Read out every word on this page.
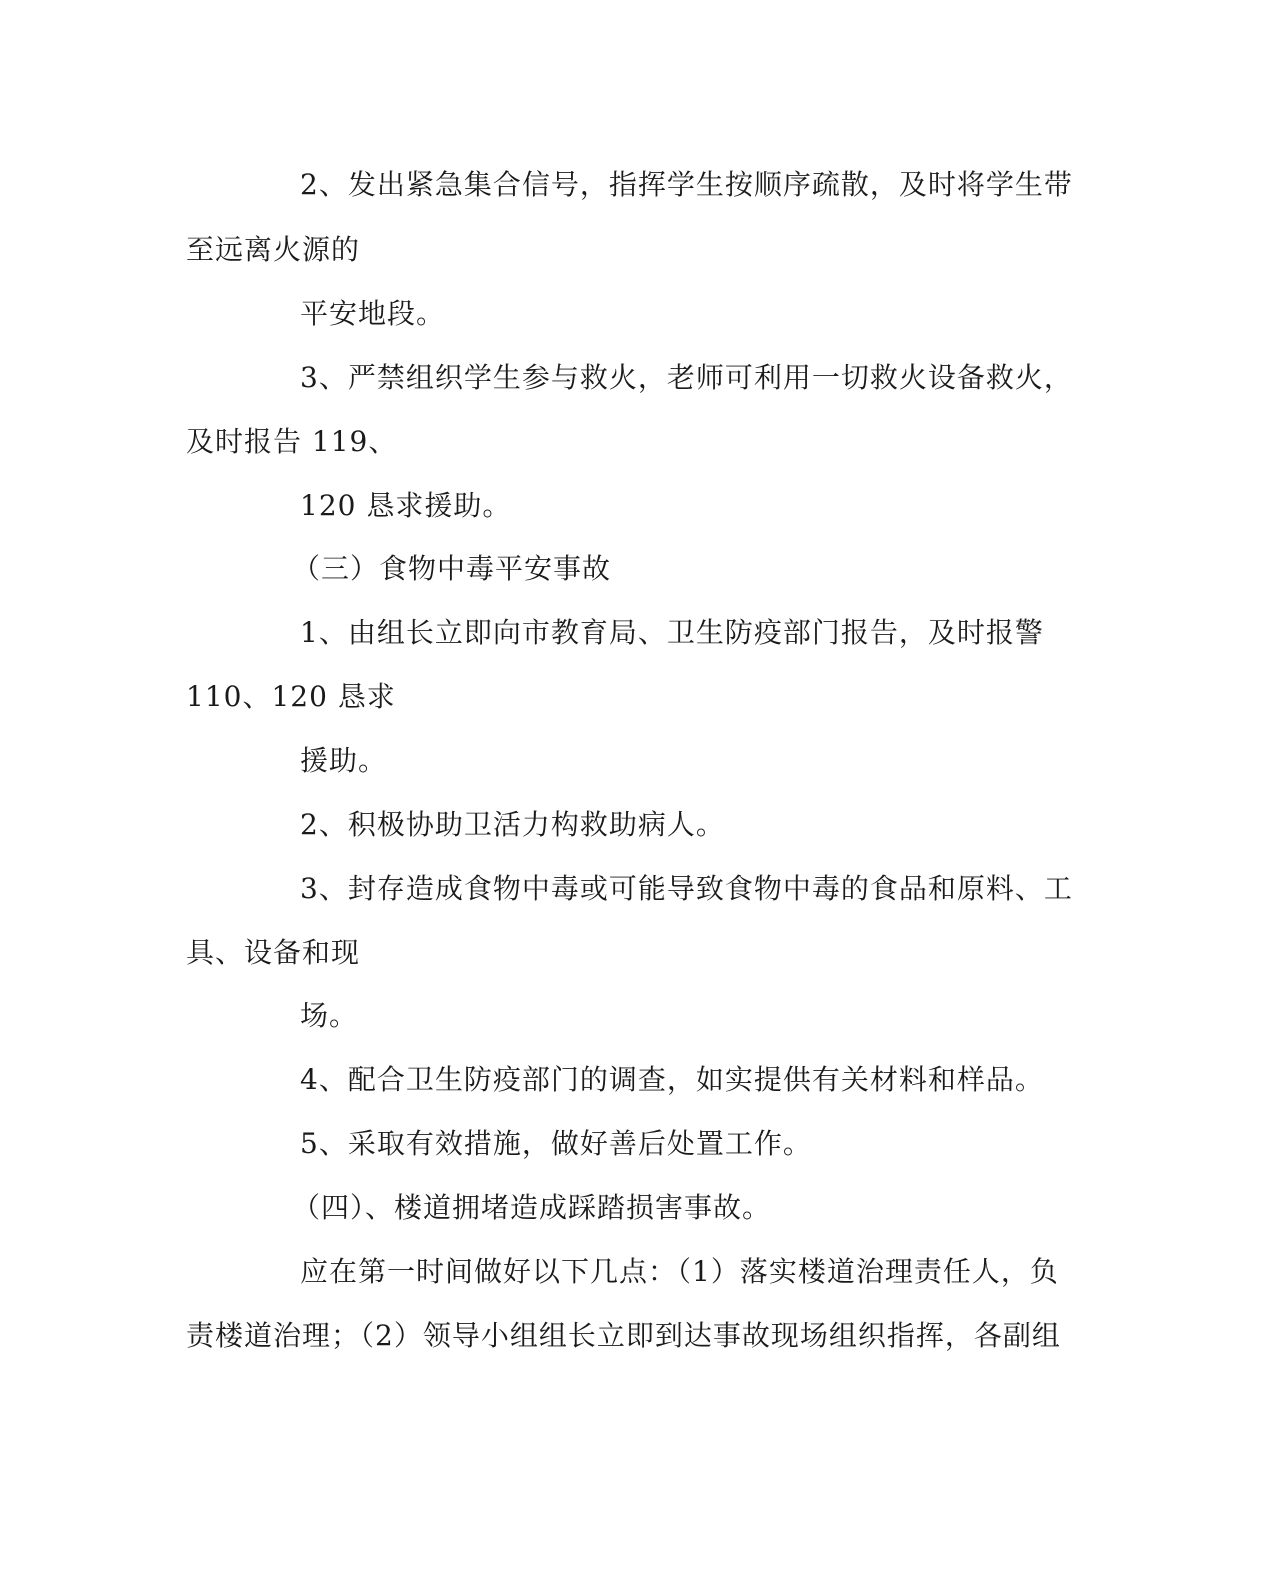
2、发出紧急集合信号，指挥学生按顺序疏散，及时将学生带
至远离火源的
平安地段。
3、严禁组织学生参与救火，老师可利用一切救火设备救火，
及时报告 119、
120 恳求援助。
（三）食物中毒平安事故
1、由组长立即向市教育局、卫生防疫部门报告，及时报警
110、120 恳求
援助。
2、积极协助卫活力构救助病人。
3、封存造成食物中毒或可能导致食物中毒的食品和原料、工
具、设备和现
场。
4、配合卫生防疫部门的调查，如实提供有关材料和样品。
5、采取有效措施，做好善后处置工作。
（四）、楼道拥堵造成踩踏损害事故。
应在第一时间做好以下几点：（1）落实楼道治理责任人，负
责楼道治理；（2）领导小组组长立即到达事故现场组织指挥，各副组
